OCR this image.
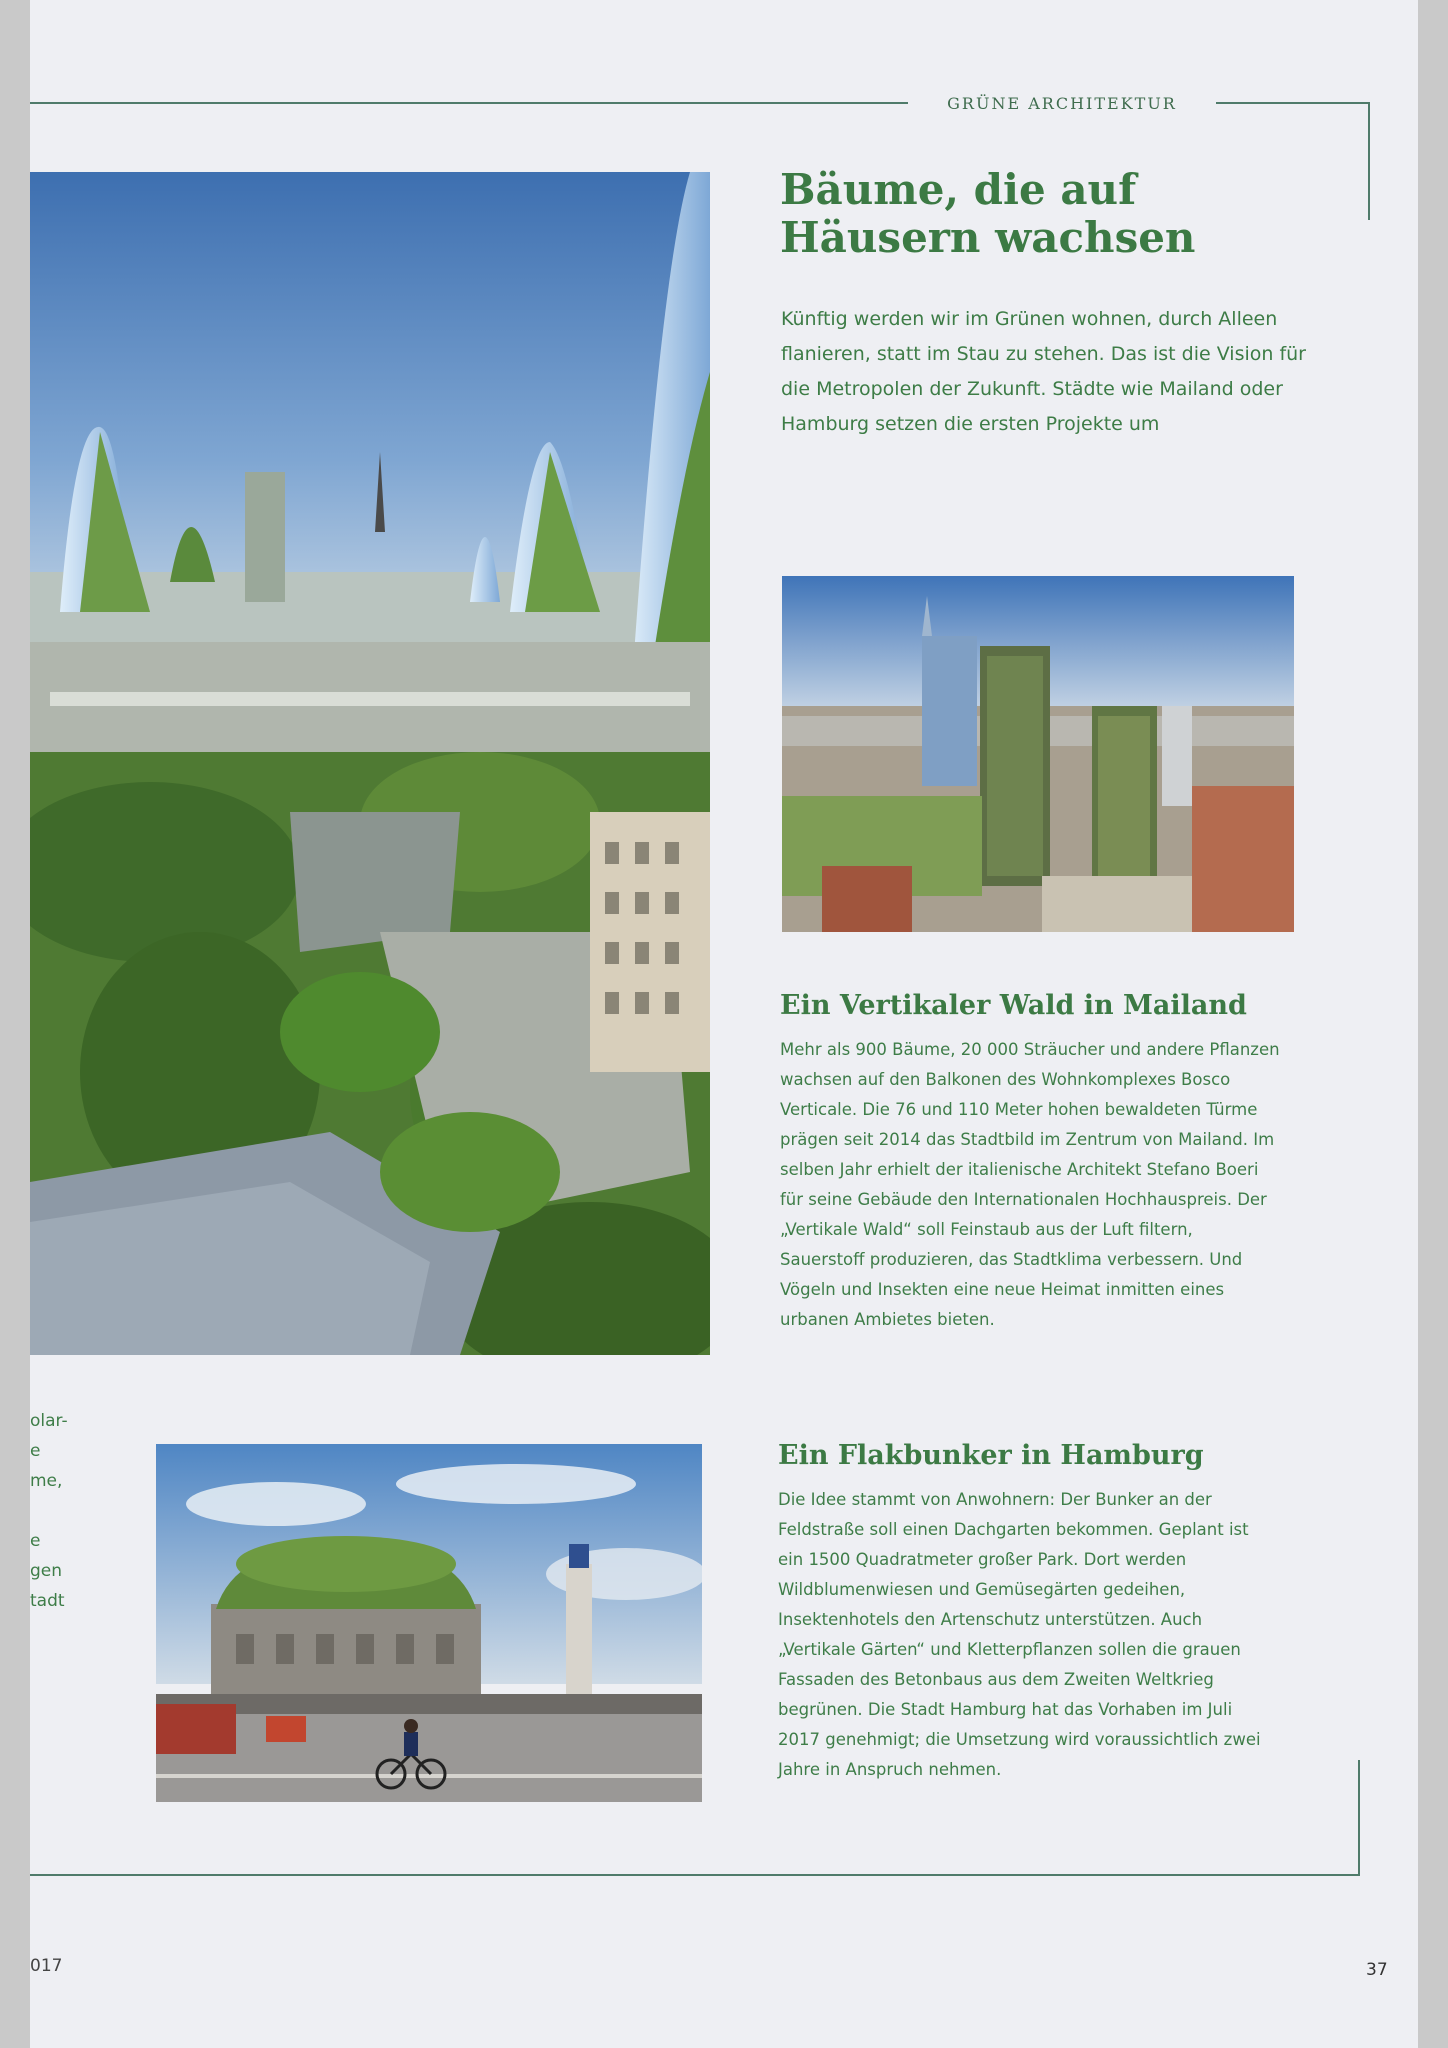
GRÜNE ARCHITEKTUR
Bäume, die auf
Häusern wachsen

Künftig werden wir im Grünen wohnen, durch Alleen flanieren, statt im Stau zu stehen. Das ist die Vision für die Metropolen der Zukunft. Städte wie Mailand oder Hamburg setzen die ersten Projekte um

Ein Vertikaler Wald in Mailand

Mehr als 900 Bäume, 20 000 Sträucher und andere Pflanzen wachsen auf den Balkonen des Wohnkomplexes Bosco Verticale. Die 76 und 110 Meter hohen bewaldeten Türme prägen seit 2014 das Stadtbild im Zentrum von Mailand. Im selben Jahr erhielt der italienische Architekt Stefano Boeri für seine Gebäude den Internationalen Hochhauspreis. Der „Vertikale Wald“ soll Feinstaub aus der Luft filtern, Sauerstoff produzieren, das Stadtklima verbessern. Und Vögeln und Insekten eine neue Heimat inmitten eines urbanen Ambietes bieten.

Ein Flakbunker in Hamburg

Die Idee stammt von Anwohnern: Der Bunker an der Feldstraße soll einen Dachgarten bekommen. Geplant ist ein 1500 Quadratmeter großer Park. Dort werden Wildblumenwiesen und Gemüsegärten gedeihen, Insektenhotels den Artenschutz unterstützen. Auch „Vertikale Gärten“ und Kletterpflanzen sollen die grauen Fassaden des Betonbaus aus dem Zweiten Weltkrieg begrünen. Die Stadt Hamburg hat das Vorhaben im Juli 2017 genehmigt; die Umsetzung wird voraussichtlich zwei Jahre in Anspruch nehmen.

37
olar-
e
me,

e
gen
tadt
017
